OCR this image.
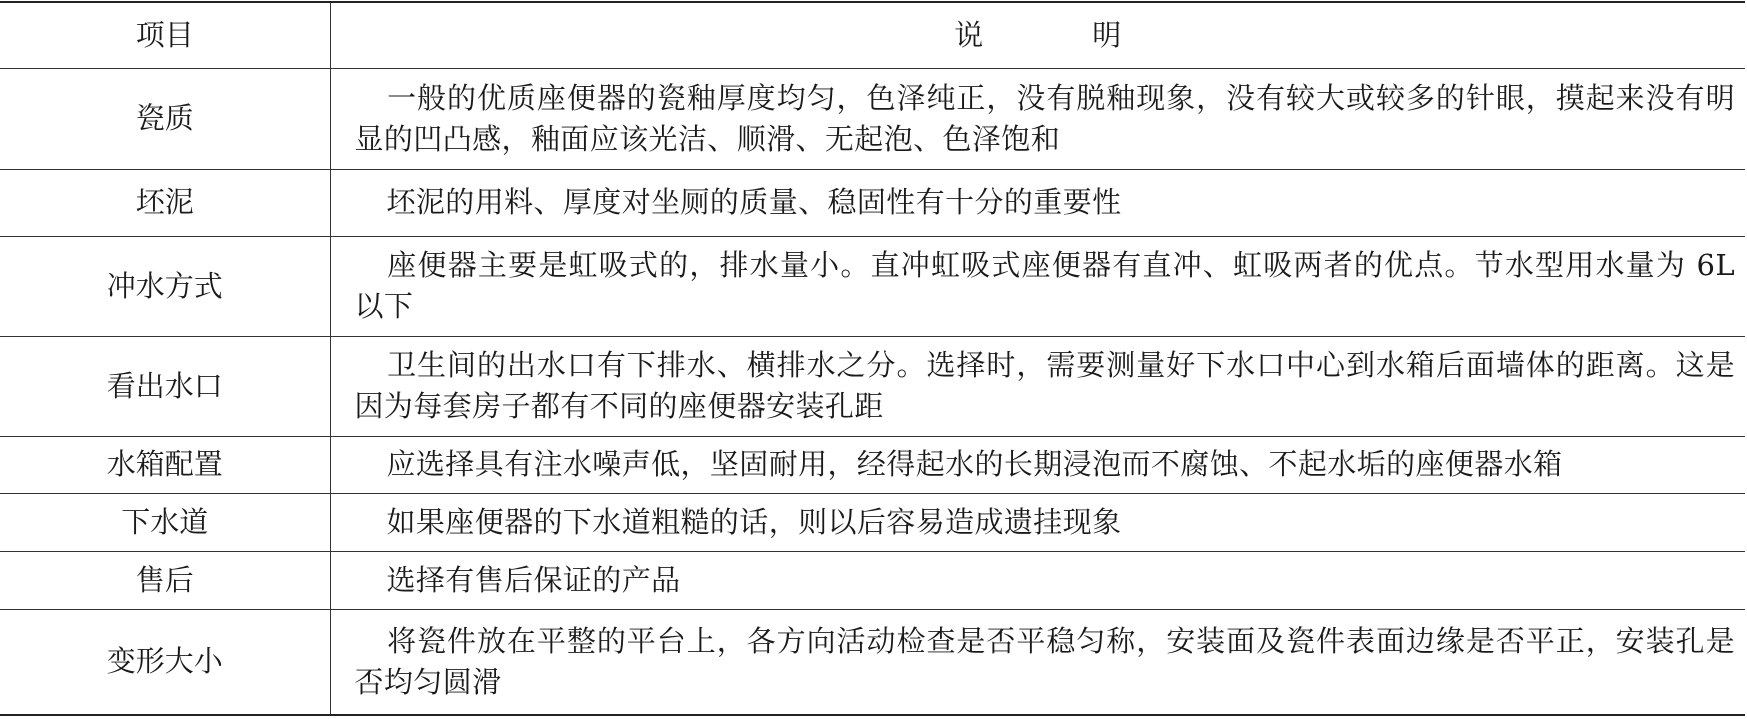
项目	说　明
瓷质	一般的优质座便器的瓷釉厚度均匀，色泽纯正，没有脱釉现象，没有较大或较多的针眼，摸起来没有明显的凹凸感，釉面应该光洁、顺滑、无起泡、色泽饱和
坯泥	坯泥的用料、厚度对坐厕的质量、稳固性有十分的重要性
冲水方式	座便器主要是虹吸式的，排水量小。直冲虹吸式座便器有直冲、虹吸两者的优点。节水型用水量为 6L 以下
看出水口	卫生间的出水口有下排水、横排水之分。选择时，需要测量好下水口中心到水箱后面墙体的距离。这是因为每套房子都有不同的座便器安装孔距
水箱配置	应选择具有注水噪声低，坚固耐用，经得起水的长期浸泡而不腐蚀、不起水垢的座便器水箱
下水道	如果座便器的下水道粗糙的话，则以后容易造成遗挂现象
售后	选择有售后保证的产品
变形大小	将瓷件放在平整的平台上，各方向活动检查是否平稳匀称，安装面及瓷件表面边缘是否平正，安装孔是否均匀圆滑
